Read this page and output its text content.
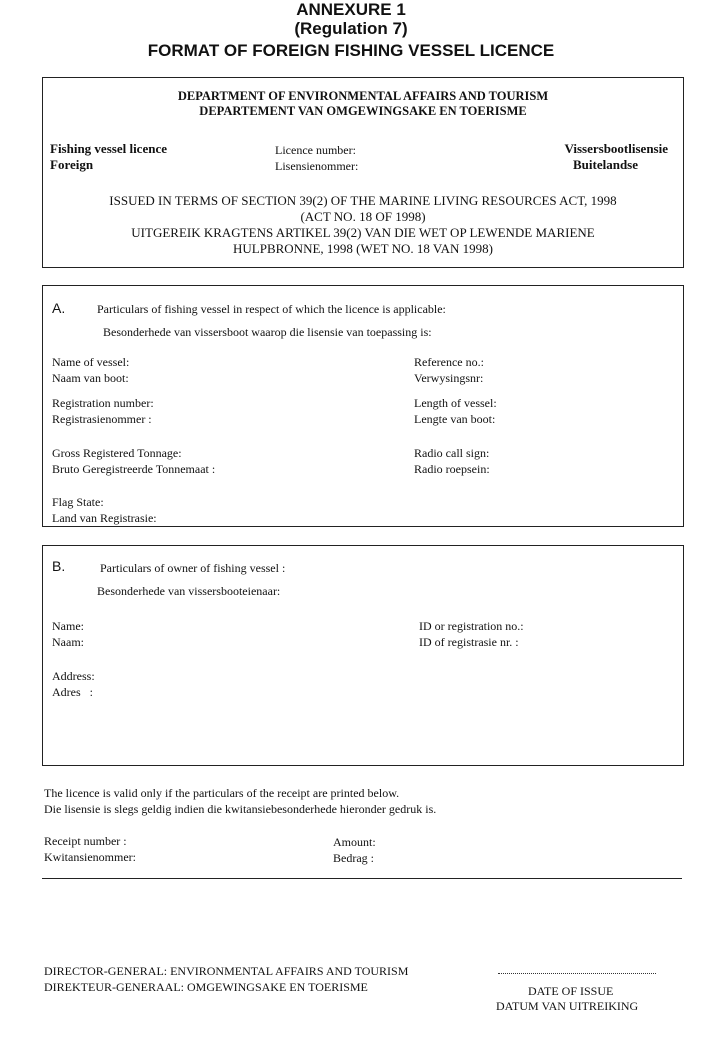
ANNEXURE 1
(Regulation 7)
FORMAT OF FOREIGN FISHING VESSEL LICENCE
DEPARTMENT OF ENVIRONMENTAL AFFAIRS AND TOURISM
DEPARTEMENT VAN OMGEWINGSAKE EN TOERISME
Fishing vessel licence
Foreign
Licence number:
Lisensienommer:
Vissersbootlisensie
Buitelandse
ISSUED IN TERMS OF SECTION 39(2) OF THE MARINE LIVING RESOURCES ACT, 1998
(ACT NO. 18 OF 1998)
UITGEREIK KRAGTENS ARTIKEL 39(2) VAN DIE WET OP LEWENDE MARIENE
HULPBRONNE, 1998 (WET NO. 18 VAN 1998)
A.	Particulars of fishing vessel in respect of which the licence is applicable:
Besonderhede van vissersboot waarop die lisensie van toepassing is:
Name of vessel:
Naam van boot:
Reference no.:
Verwysingsnr:
Registration number:
Registrasienommer :
Length of vessel:
Lengte van boot:
Gross Registered Tonnage:
Bruto Geregistreerde Tonnemaat :
Radio call sign:
Radio roepsein:
Flag State:
Land van Registrasie:
B.	Particulars of owner of fishing vessel :
Besonderhede van vissersbooteienaar:
Name:
Naam:
ID or registration no.:
ID of registrasie nr. :
Address:
Adres   :
The licence is valid only if the particulars of the receipt are printed below.
Die lisensie is slegs geldig indien die kwitansiebesonderhede hieronder gedruk is.
Receipt number :
Kwitansienommer:
Amount:
Bedrag :
DIRECTOR-GENERAL: ENVIRONMENTAL AFFAIRS AND TOURISM
DIREKTEUR-GENERAAL: OMGEWINGSAKE EN TOERISME	DATE OF ISSUE
DATUM VAN UITREIKING
